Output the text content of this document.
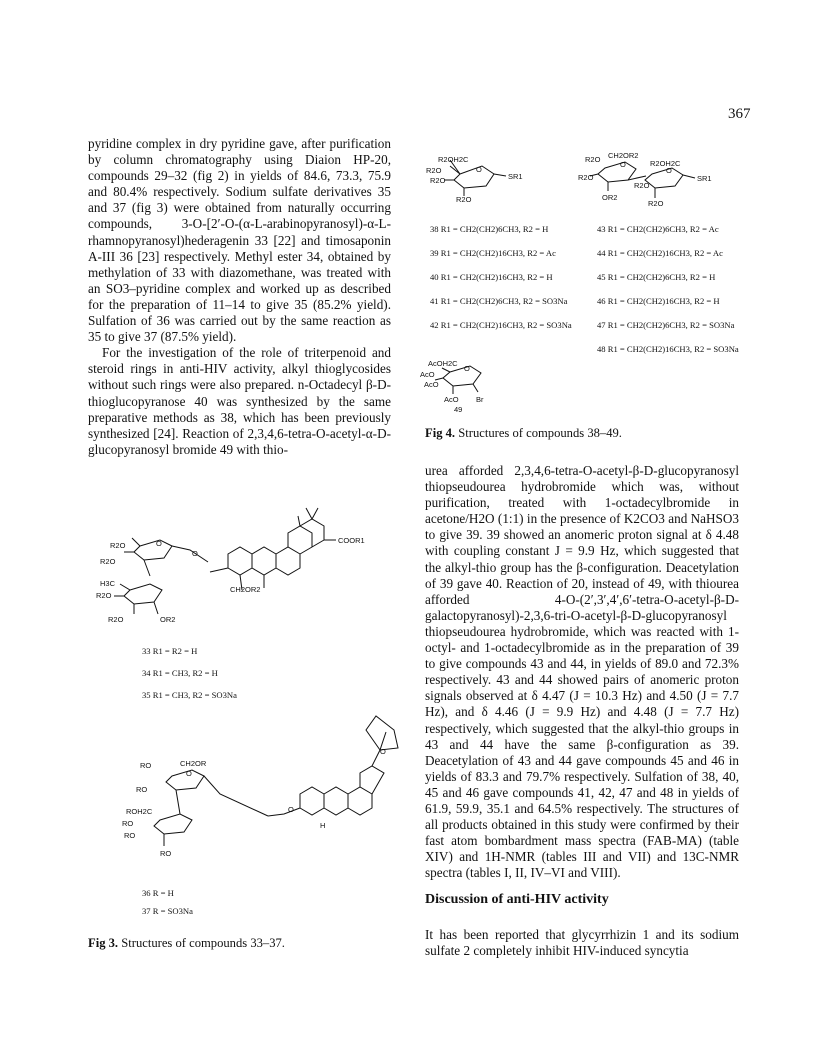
367

pyridine complex in dry pyridine gave, after purification by column chromatography using Diaion HP-20, compounds 29–32 (fig 2) in yields of 84.6, 73.3, 75.9 and 80.4% respectively. Sodium sulfate derivatives 35 and 37 (fig 3) were obtained from naturally occurring compounds, 3-O-[2′-O-(α-L-arabinopyranosyl)-α-L-rhamnopyranosyl)hederagenin 33 [22] and timosaponin A-III 36 [23] respectively. Methyl ester 34, obtained by methylation of 33 with diazomethane, was treated with an SO3–pyridine complex and worked up as described for the preparation of 11–14 to give 35 (85.2% yield). Sulfation of 36 was carried out by the same reaction as 35 to give 37 (87.5% yield).

For the investigation of the role of triterpenoid and steroid rings in anti-HIV activity, alkyl thioglycosides without such rings were also prepared. n-Octadecyl β-D-thioglucopyranose 40 was synthesized by the same preparative methods as 38, which has been previously synthesized [24]. Reaction of 2,3,4,6-tetra-O-acetyl-α-D-glucopyranosyl bromide 49 with thio-

R2OH2C
R2O
R2O
R2O
SR1
R2O CH2OR2
R2OH2C
R2O
R2O
OR2
R2O
SR1
AcOH2C
AcO
AcO
AcO Br
49
O
O
O
O
38 R1 = CH2(CH2)6CH3, R2 = H
39 R1 = CH2(CH2)16CH3, R2 = Ac
40 R1 = CH2(CH2)16CH3, R2 = H
41 R1 = CH2(CH2)6CH3, R2 = SO3Na
42 R1 = CH2(CH2)16CH3, R2 = SO3Na
43 R1 = CH2(CH2)6CH3, R2 = Ac
44 R1 = CH2(CH2)16CH3, R2 = Ac
45 R1 = CH2(CH2)6CH3, R2 = H
46 R1 = CH2(CH2)16CH3, R2 = H
47 R1 = CH2(CH2)6CH3, R2 = SO3Na
48 R1 = CH2(CH2)16CH3, R2 = SO3Na
Fig 4. Structures of compounds 38–49.

urea afforded 2,3,4,6-tetra-O-acetyl-β-D-glucopyranosyl thiopseudourea hydrobromide which was, without purification, treated with 1-octadecylbromide in acetone/H2O (1:1) in the presence of K2CO3 and NaHSO3 to give 39. 39 showed an anomeric proton signal at δ 4.48 with coupling constant J = 9.9 Hz, which suggested that the alkyl-thio group has the β-configuration. Deacetylation of 39 gave 40. Reaction of 20, instead of 49, with thiourea afforded 4-O-(2′,3′,4′,6′-tetra-O-acetyl-β-D-galactopyranosyl)-2,3,6-tri-O-acetyl-β-D-glucopyranosyl thiopseudourea hydrobromide, which was reacted with 1-octyl- and 1-octadecylbromide as in the preparation of 39 to give compounds 43 and 44, in yields of 89.0 and 72.3% respectively. 43 and 44 showed pairs of anomeric proton signals observed at δ 4.47 (J = 10.3 Hz) and 4.50 (J = 7.7 Hz), and δ 4.46 (J = 9.9 Hz) and 4.48 (J = 7.7 Hz) respectively, which suggested that the alkyl-thio groups in 43 and 44 have the same β-configuration as 39. Deacetylation of 43 and 44 gave compounds 45 and 46 in yields of 83.3 and 79.7% respectively. Sulfation of 38, 40, 45 and 46 gave compounds 41, 42, 47 and 48 in yields of 61.9, 59.9, 35.1 and 64.5% respectively. The structures of all products obtained in this study were confirmed by their fast atom bombardment mass spectra (FAB-MA) (table XIV) and 1H-NMR (tables III and VII) and 13C-NMR spectra (tables I, II, IV–VI and VIII).

Discussion of anti-HIV activity

It has been reported that glycyrrhizin 1 and its sodium sulfate 2 completely inhibit HIV-induced syncytia

R2O
R2O
H3C
R2O
R2O	OR2
COOR1
CH2OR2
RO	CH2OR
RO
ROH2C
RO
RO
RO
H
O
O
O
O
O
33 R1 = R2 = H
34 R1 = CH3, R2 = H
35 R1 = CH3, R2 = SO3Na
36 R = H
37 R = SO3Na
Fig 3. Structures of compounds 33–37.
